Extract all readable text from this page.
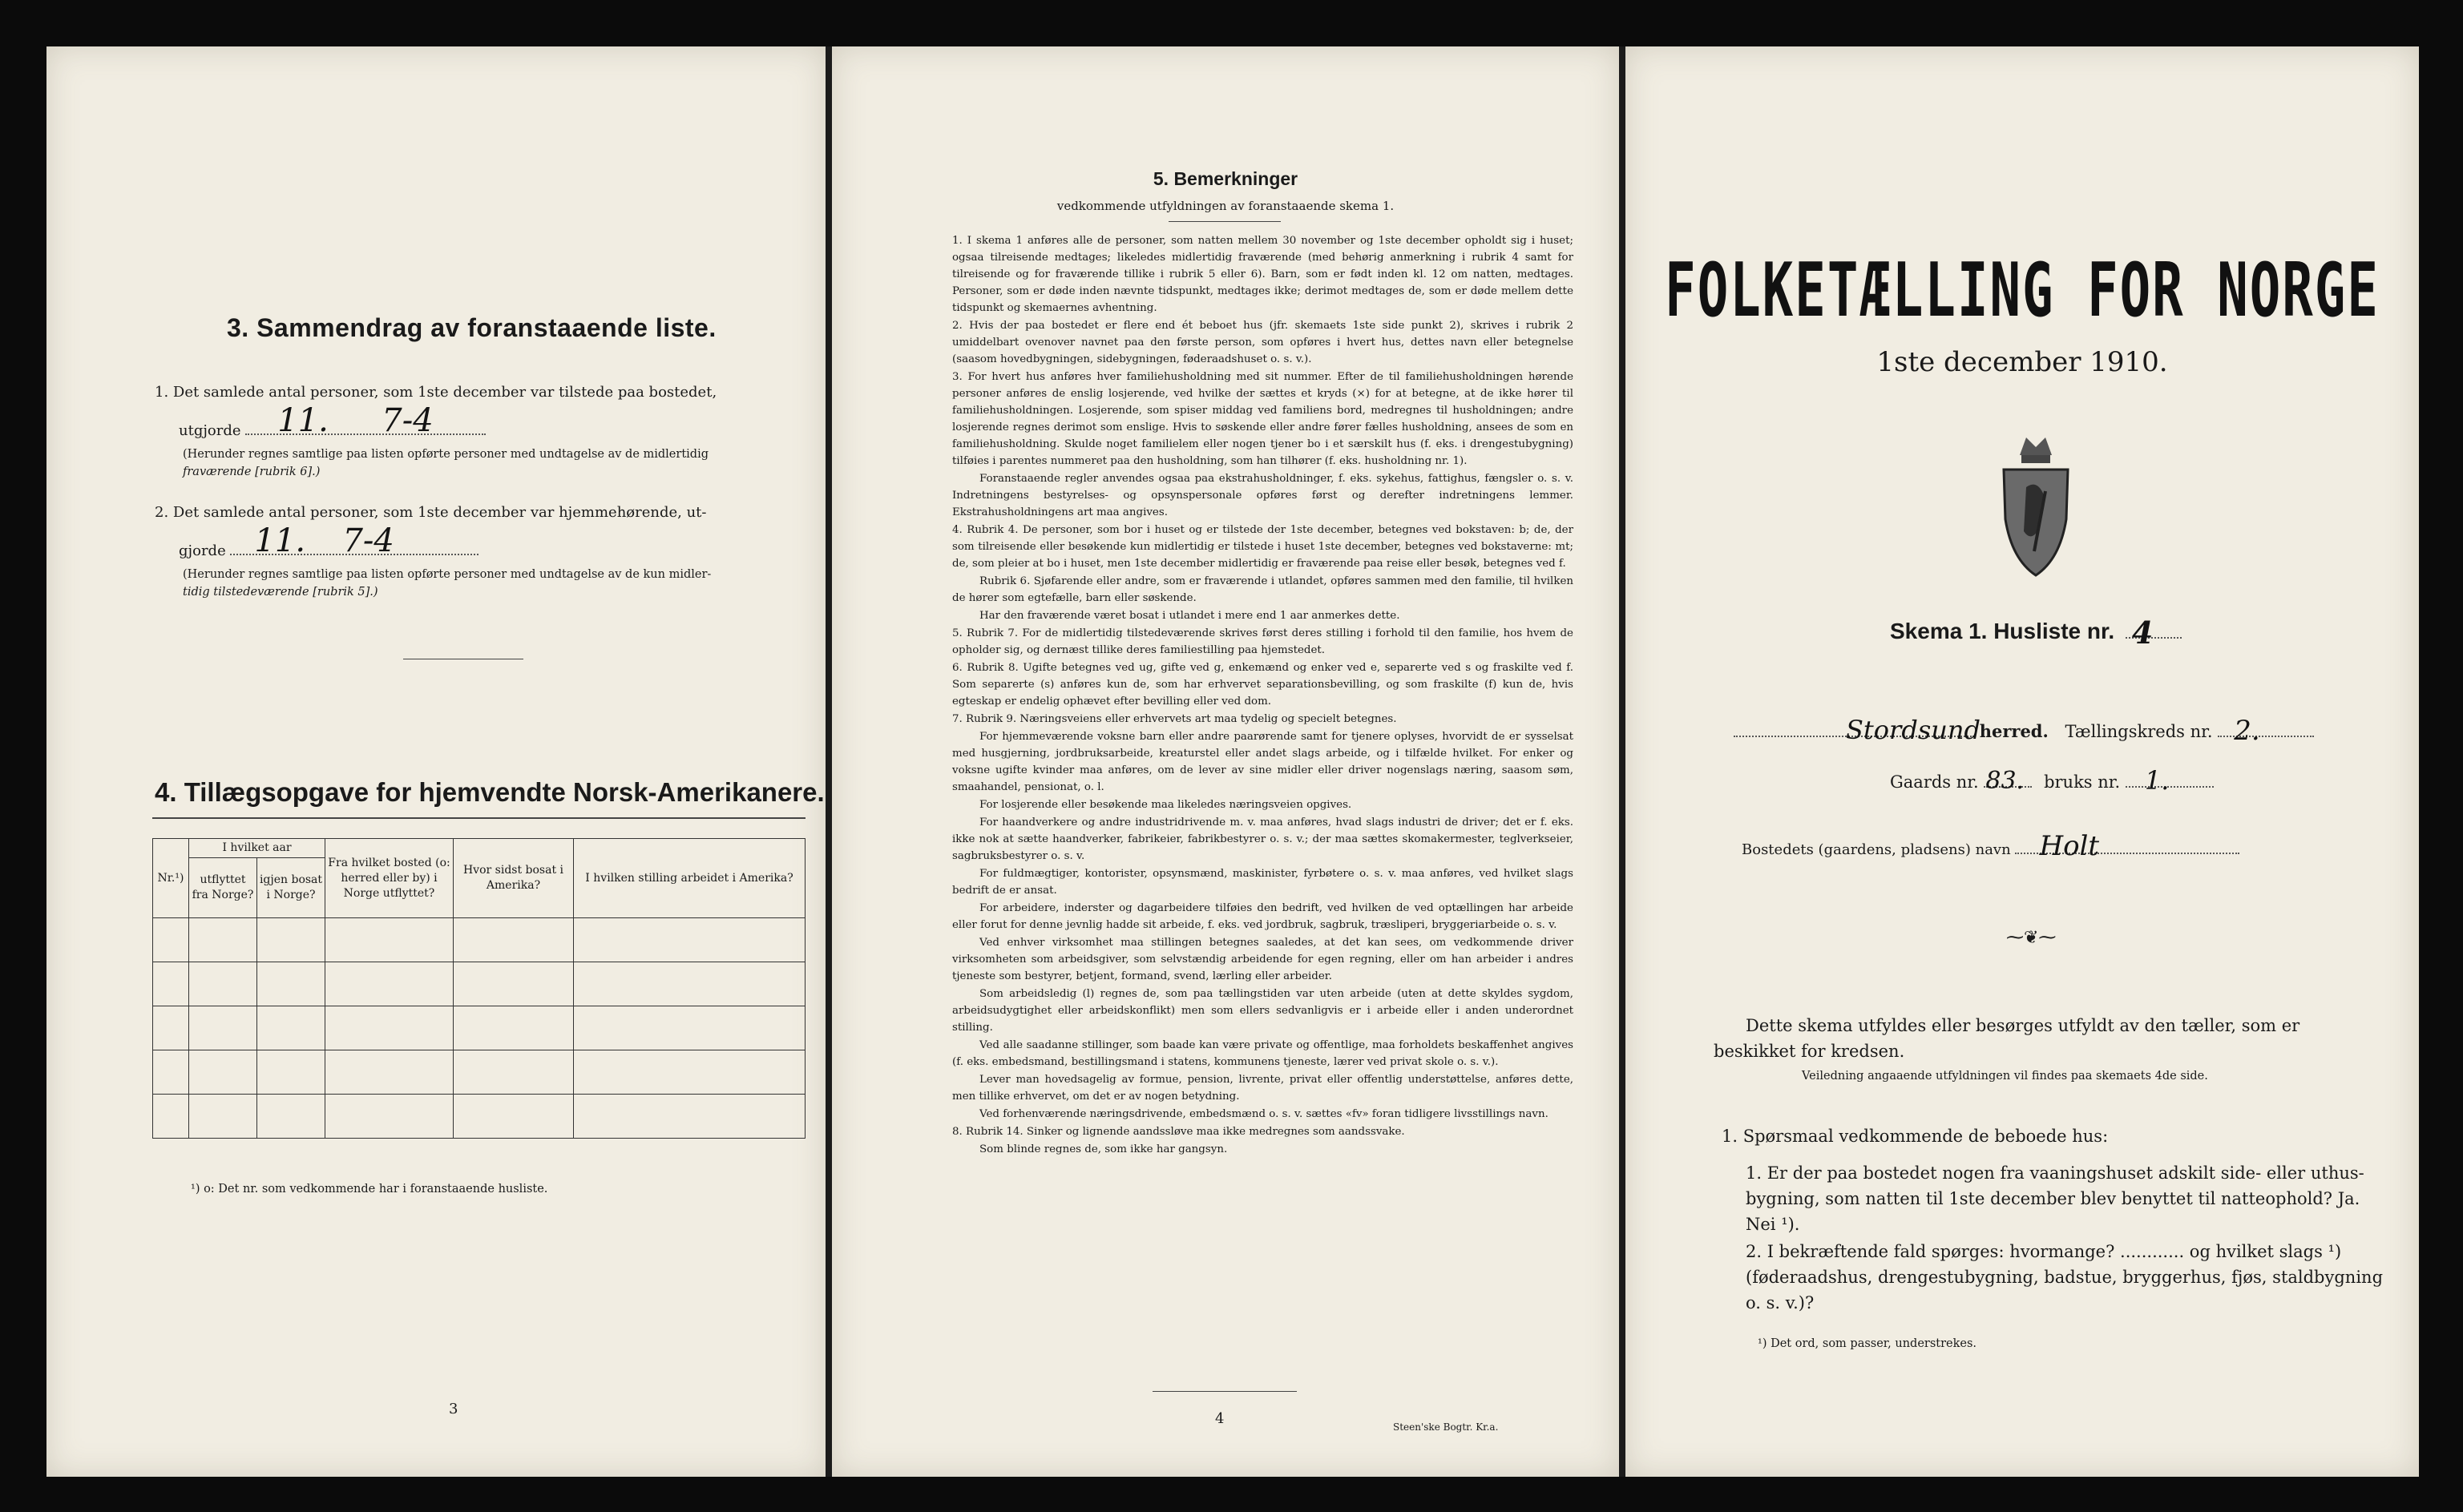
3. Sammendrag av foranstaaende liste.
1. Det samlede antal personer, som 1ste december var tilstede paa bostedet,
utgjorde 11. 7-4
(Herunder regnes samtlige paa listen opførte personer med undtagelse av de midlertidig
fraværende [rubrik 6].)
2. Det samlede antal personer, som 1ste december var hjemmehørende, ut-
gjorde 11. 7-4
(Herunder regnes samtlige paa listen opførte personer med undtagelse av de kun midler-
tidig tilstedeværende [rubrik 5].)
4. Tillægsopgave for hjemvendte Norsk-Amerikanere.
Nr.¹)	I hvilket aar		Fra hvilket bosted (o: herred eller by) i Norge utflyttet?	Hvor sidst bosat i Amerika?	I hvilken stilling arbeidet i Amerika?
	utflyttet fra Norge?	igjen bosat i Norge?			

¹) o: Det nr. som vedkommende har i foranstaaende husliste.
3
5. Bemerkninger
vedkommende utfyldningen av foranstaaende skema 1.
1. I skema 1 anføres alle de personer, som natten mellem 30 november og 1ste december opholdt sig i huset; ogsaa tilreisende medtages; likeledes midlertidig fraværende (med behørig anmerkning i rubrik 4 samt for tilreisende og for fraværende tillike i rubrik 5 eller 6). Barn, som er født inden kl. 12 om natten, medtages. Personer, som er døde inden nævnte tidspunkt, medtages ikke; derimot medtages de, som er døde mellem dette tidspunkt og skemaernes avhentning.
2. Hvis der paa bostedet er flere end ét beboet hus (jfr. skemaets 1ste side punkt 2), skrives i rubrik 2 umiddelbart ovenover navnet paa den første person, som opføres i hvert hus, dettes navn eller betegnelse (saasom hovedbygningen, sidebygningen, føderaadshuset o. s. v.).
3. For hvert hus anføres hver familiehusholdning med sit nummer. Efter de til familiehusholdningen hørende personer anføres de enslig losjerende, ved hvilke der sættes et kryds (×) for at betegne, at de ikke hører til familiehusholdningen. Losjerende, som spiser middag ved familiens bord, medregnes til husholdningen; andre losjerende regnes derimot som enslige. Hvis to søskende eller andre fører fælles husholdning, ansees de som en familiehusholdning. Skulde noget familielem eller nogen tjener bo i et særskilt hus (f. eks. i drengestubygning) tilføies i parentes nummeret paa den husholdning, som han tilhører (f. eks. husholdning nr. 1).
Foranstaaende regler anvendes ogsaa paa ekstrahusholdninger, f. eks. sykehus, fattighus, fængsler o. s. v. Indretningens bestyrelses- og opsynspersonale opføres først og derefter indretningens lemmer. Ekstrahusholdningens art maa angives.
4. Rubrik 4. De personer, som bor i huset og er tilstede der 1ste december, betegnes ved bokstaven: b; de, der som tilreisende eller besøkende kun midlertidig er tilstede i huset 1ste december, betegnes ved bokstaverne: mt; de, som pleier at bo i huset, men 1ste december midlertidig er fraværende paa reise eller besøk, betegnes ved f.
Rubrik 6. Sjøfarende eller andre, som er fraværende i utlandet, opføres sammen med den familie, til hvilken de hører som egtefælle, barn eller søskende.
Har den fraværende været bosat i utlandet i mere end 1 aar anmerkes dette.
5. Rubrik 7. For de midlertidig tilstedeværende skrives først deres stilling i forhold til den familie, hos hvem de opholder sig, og dernæst tillike deres familiestilling paa hjemstedet.
6. Rubrik 8. Ugifte betegnes ved ug, gifte ved g, enkemænd og enker ved e, separerte ved s og fraskilte ved f. Som separerte (s) anføres kun de, som har erhvervet separationsbevilling, og som fraskilte (f) kun de, hvis egteskap er endelig ophævet efter bevilling eller ved dom.
7. Rubrik 9. Næringsveiens eller erhvervets art maa tydelig og specielt betegnes.
For hjemmeværende voksne barn eller andre paarørende samt for tjenere oplyses, hvorvidt de er sysselsat med husgjerning, jordbruksarbeide, kreaturstel eller andet slags arbeide, og i tilfælde hvilket. For enker og voksne ugifte kvinder maa anføres, om de lever av sine midler eller driver nogenslags næring, saasom søm, smaahandel, pensionat, o. l.
For losjerende eller besøkende maa likeledes næringsveien opgives.
For haandverkere og andre industridrivende m. v. maa anføres, hvad slags industri de driver; det er f. eks. ikke nok at sætte haandverker, fabrikeier, fabrikbestyrer o. s. v.; der maa sættes skomakermester, teglverkseier, sagbruksbestyrer o. s. v.
For fuldmægtiger, kontorister, opsynsmænd, maskinister, fyrbøtere o. s. v. maa anføres, ved hvilket slags bedrift de er ansat.
For arbeidere, inderster og dagarbeidere tilføies den bedrift, ved hvilken de ved optællingen har arbeide eller forut for denne jevnlig hadde sit arbeide, f. eks. ved jordbruk, sagbruk, træsliperi, bryggeriarbeide o. s. v.
Ved enhver virksomhet maa stillingen betegnes saaledes, at det kan sees, om vedkommende driver virksomheten som arbeidsgiver, som selvstændig arbeidende for egen regning, eller om han arbeider i andres tjeneste som bestyrer, betjent, formand, svend, lærling eller arbeider.
Som arbeidsledig (l) regnes de, som paa tællingstiden var uten arbeide (uten at dette skyldes sygdom, arbeidsudygtighet eller arbeidskonflikt) men som ellers sedvanligvis er i arbeide eller i anden underordnet stilling.
Ved alle saadanne stillinger, som baade kan være private og offentlige, maa forholdets beskaffenhet angives (f. eks. embedsmand, bestillingsmand i statens, kommunens tjeneste, lærer ved privat skole o. s. v.).
Lever man hovedsagelig av formue, pension, livrente, privat eller offentlig understøttelse, anføres dette, men tillike erhvervet, om det er av nogen betydning.
Ved forhenværende næringsdrivende, embedsmænd o. s. v. sættes «fv» foran tidligere livsstillings navn.
8. Rubrik 14. Sinker og lignende aandssløve maa ikke medregnes som aandssvake.
Som blinde regnes de, som ikke har gangsyn.
4	Steen'ske Bogtr. Kr.a.
FOLKETÆLLING FOR NORGE
1ste december 1910.
Skema 1. Husliste nr. 4
Stordsund
herred. Tællingskreds nr. 2.
Gaards nr. 83. bruks nr. 1.
Bostedets (gaardens, pladsens) navn Holt
⁓❦⁓
Dette skema utfyldes eller besørges utfyldt av den tæller, som er beskikket for kredsen.
Veiledning angaaende utfyldningen vil findes paa skemaets 4de side.
1. Spørsmaal vedkommende de beboede hus:
1. Er der paa bostedet nogen fra vaaningshuset adskilt side- eller uthus-bygning, som natten til 1ste december blev benyttet til natteophold? Ja. Nei ¹).
2. I bekræftende fald spørges: hvormange? ............ og hvilket slags ¹) (føderaadshus, drengestubygning, badstue, bryggerhus, fjøs, staldbygning o. s. v.)?
¹) Det ord, som passer, understrekes.
